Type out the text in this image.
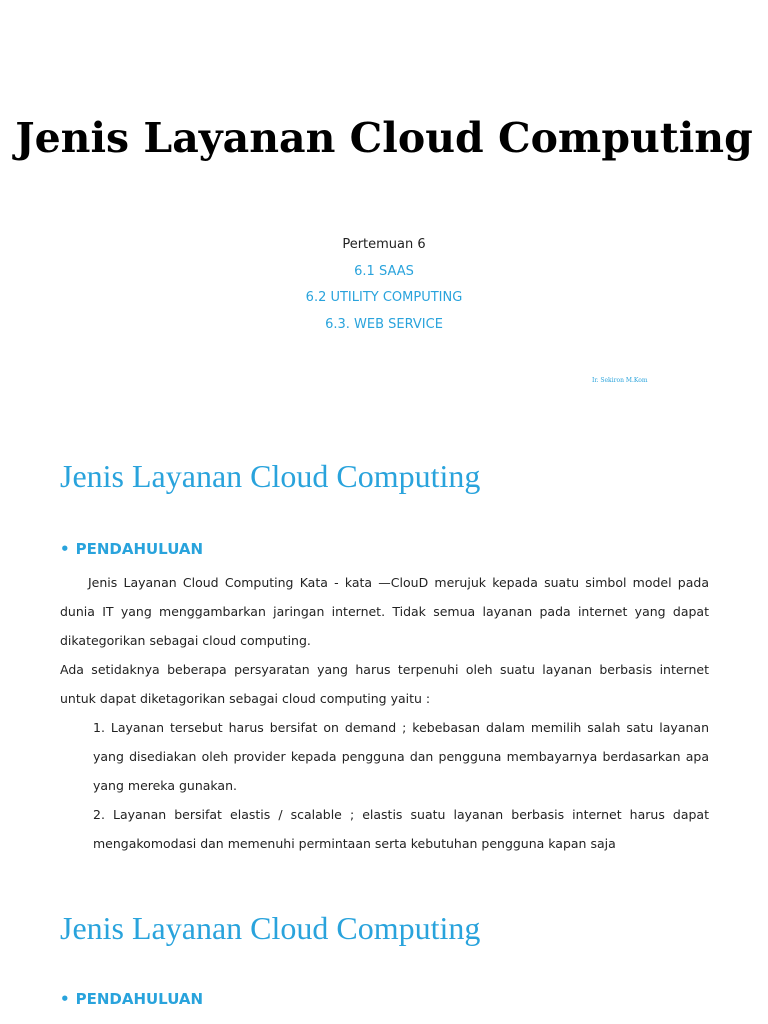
Jenis Layanan Cloud Computing
Pertemuan 6
6.1 SAAS
6.2 UTILITY COMPUTING
6.3. WEB SERVICE
Ir. Sekiron M.Kom
Jenis Layanan Cloud Computing
• PENDAHULUAN

Jenis Layanan Cloud Computing Kata - kata —ClouD merujuk kepada suatu simbol model pada dunia IT yang menggambarkan jaringan internet. Tidak semua layanan pada internet yang dapat dikategorikan sebagai cloud computing.

Ada setidaknya beberapa persyaratan yang harus terpenuhi oleh suatu layanan berbasis internet untuk dapat diketagorikan sebagai cloud computing yaitu :

1. Layanan tersebut harus bersifat on demand ; kebebasan dalam memilih salah satu layanan yang disediakan oleh provider kepada pengguna dan pengguna membayarnya berdasarkan apa yang mereka gunakan.

2. Layanan bersifat elastis / scalable ; elastis suatu layanan berbasis internet harus dapat mengakomodasi dan memenuhi permintaan serta kebutuhan pengguna kapan saja

Jenis Layanan Cloud Computing
• PENDAHULUAN
